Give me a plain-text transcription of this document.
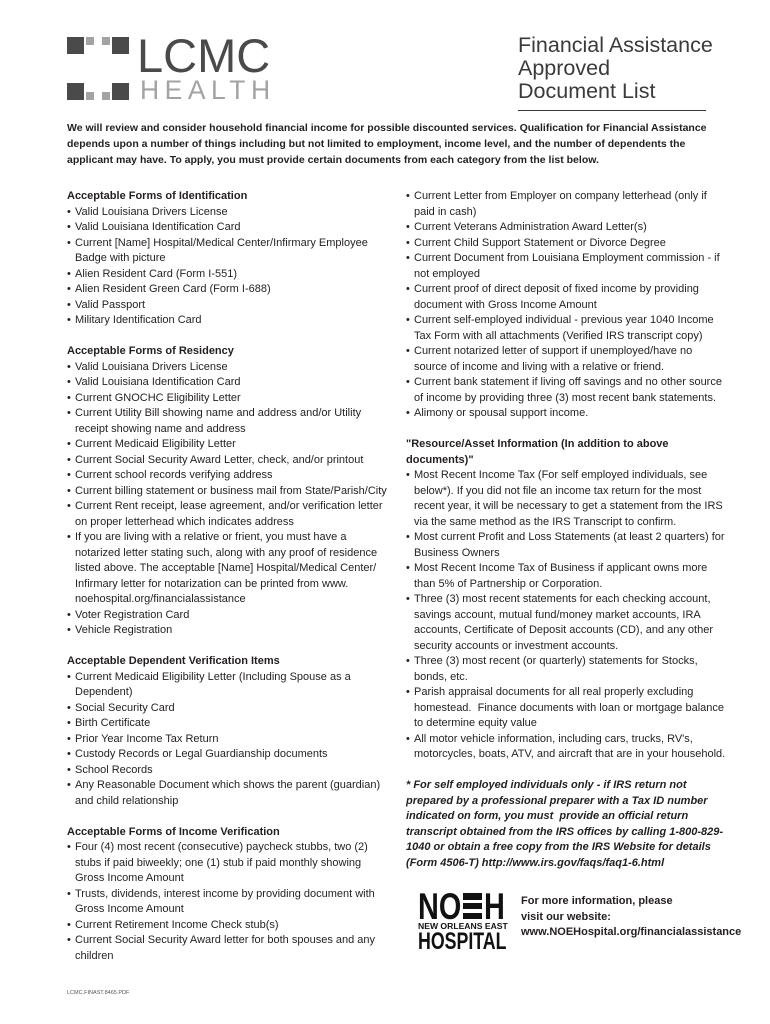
LCMC
HEALTH
Financial Assistance
Approved
Document List
We will review and consider household financial income for possible discounted services. Qualification for Financial Assistance
depends upon a number of things including but not limited to employment, income level, and the number of dependents the
applicant may have. To apply, you must provide certain documents from each category from the list below.
Acceptable Forms of Identification
• Valid Louisiana Drivers License
• Valid Louisiana Identification Card
• Current [Name] Hospital/Medical Center/Infirmary Employee
Badge with picture
• Alien Resident Card (Form I-551)
• Alien Resident Green Card (Form I-688)
• Valid Passport
• Military Identification Card
Acceptable Forms of Residency
• Valid Louisiana Drivers License
• Valid Louisiana Identification Card
• Current GNOCHC Eligibility Letter
• Current Utility Bill showing name and address and/or Utility
receipt showing name and address
• Current Medicaid Eligibility Letter
• Current Social Security Award Letter, check, and/or printout
• Current school records verifying address
• Current billing statement or business mail from State/Parish/City
• Current Rent receipt, lease agreement, and/or verification letter
on proper letterhead which indicates address
• If you are living with a relative or frient, you must have a
notarized letter stating such, along with any proof of residence
listed above. The acceptable [Name] Hospital/Medical Center/
Infirmary letter for notarization can be printed from www.
noehospital.org/financialassistance
• Voter Registration Card
• Vehicle Registration
Acceptable Dependent Verification Items
• Current Medicaid Eligibility Letter (Including Spouse as a
Dependent)
• Social Security Card
• Birth Certificate
• Prior Year Income Tax Return
• Custody Records or Legal Guardianship documents
• School Records
• Any Reasonable Document which shows the parent (guardian)
and child relationship
Acceptable Forms of Income Verification
• Four (4) most recent (consecutive) paycheck stubbs, two (2)
stubs if paid biweekly; one (1) stub if paid monthly showing
Gross Income Amount
• Trusts, dividends, interest income by providing document with
Gross Income Amount
• Current Retirement Income Check stub(s)
• Current Social Security Award letter for both spouses and any
children
• Current Letter from Employer on company letterhead (only if
paid in cash)
• Current Veterans Administration Award Letter(s)
• Current Child Support Statement or Divorce Degree
• Current Document from Louisiana Employment commission - if
not employed
• Current proof of direct deposit of fixed income by providing
document with Gross Income Amount
• Current self-employed individual - previous year 1040 Income
Tax Form with all attachments (Verified IRS transcript copy)
• Current notarized letter of support if unemployed/have no
source of income and living with a relative or friend.
• Current bank statement if living off savings and no other source
of income by providing three (3) most recent bank statements.
• Alimony or spousal support income.
"Resource/Asset Information (In addition to above
documents)"
• Most Recent Income Tax (For self employed individuals, see
below*). If you did not file an income tax return for the most
recent year, it will be necessary to get a statement from the IRS
via the same method as the IRS Transcript to confirm.
• Most current Profit and Loss Statements (at least 2 quarters) for
Business Owners
• Most Recent Income Tax of Business if applicant owns more
than 5% of Partnership or Corporation.
• Three (3) most recent statements for each checking account,
savings account, mutual fund/money market accounts, IRA
accounts, Certificate of Deposit accounts (CD), and any other
security accounts or investment accounts.
• Three (3) most recent (or quarterly) statements for Stocks,
bonds, etc.
• Parish appraisal documents for all real properly excluding
homestead.  Finance documents with loan or mortgage balance
to determine equity value
• All motor vehicle information, including cars, trucks, RV's,
motorcycles, boats, ATV, and aircraft that are in your household.
* For self employed individuals only - if IRS return not
prepared by a professional preparer with a Tax ID number
indicated on form, you must  provide an official return
transcript obtained from the IRS offices by calling 1-800-829-
1040 or obtain a free copy from the IRS Website for details
(Form 4506-T) http://www.irs.gov/faqs/faq1-6.html
NO H
NEW ORLEANS EAST
HOSPITAL
For more information, please
visit our website:
www.NOEHospital.org/financialassistance
LCMC.FINAST.8465.PDF
